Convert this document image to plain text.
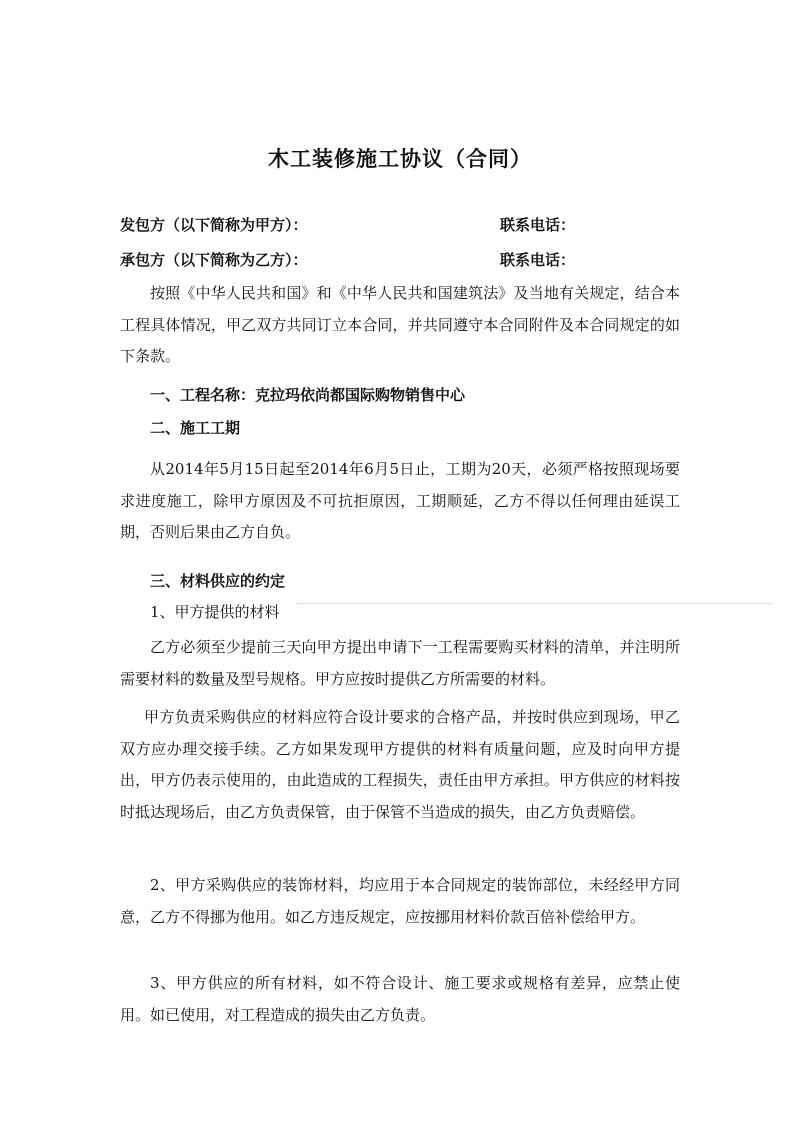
木工装修施工协议（合同）
发包方（以下简称为甲方）：	联系电话：
承包方（以下简称为乙方）：	联系电话：

按照《中华人民共和国》和《中华人民共和国建筑法》及当地有关规定，结合本工程具体情况，甲乙双方共同订立本合同，并共同遵守本合同附件及本合同规定的如下条款。

一、工程名称：克拉玛依尚都国际购物销售中心
二、施工工期

从2014年5月15日起至2014年6月5日止，工期为20天，必须严格按照现场要求进度施工，除甲方原因及不可抗拒原因，工期顺延，乙方不得以任何理由延误工期，否则后果由乙方自负。

三、材料供应的约定
1、甲方提供的材料

乙方必须至少提前三天向甲方提出申请下一工程需要购买材料的清单，并注明所需要材料的数量及型号规格。甲方应按时提供乙方所需要的材料。

甲方负责采购供应的材料应符合设计要求的合格产品，并按时供应到现场，甲乙双方应办理交接手续。乙方如果发现甲方提供的材料有质量问题，应及时向甲方提出，甲方仍表示使用的，由此造成的工程损失，责任由甲方承担。甲方供应的材料按时抵达现场后，由乙方负责保管，由于保管不当造成的损失，由乙方负责赔偿。

2、甲方采购供应的装饰材料，均应用于本合同规定的装饰部位，未经经甲方同意，乙方不得挪为他用。如乙方违反规定，应按挪用材料价款百倍补偿给甲方。

3、甲方供应的所有材料，如不符合设计、施工要求或规格有差异，应禁止使用。如已使用，对工程造成的损失由乙方负责。
